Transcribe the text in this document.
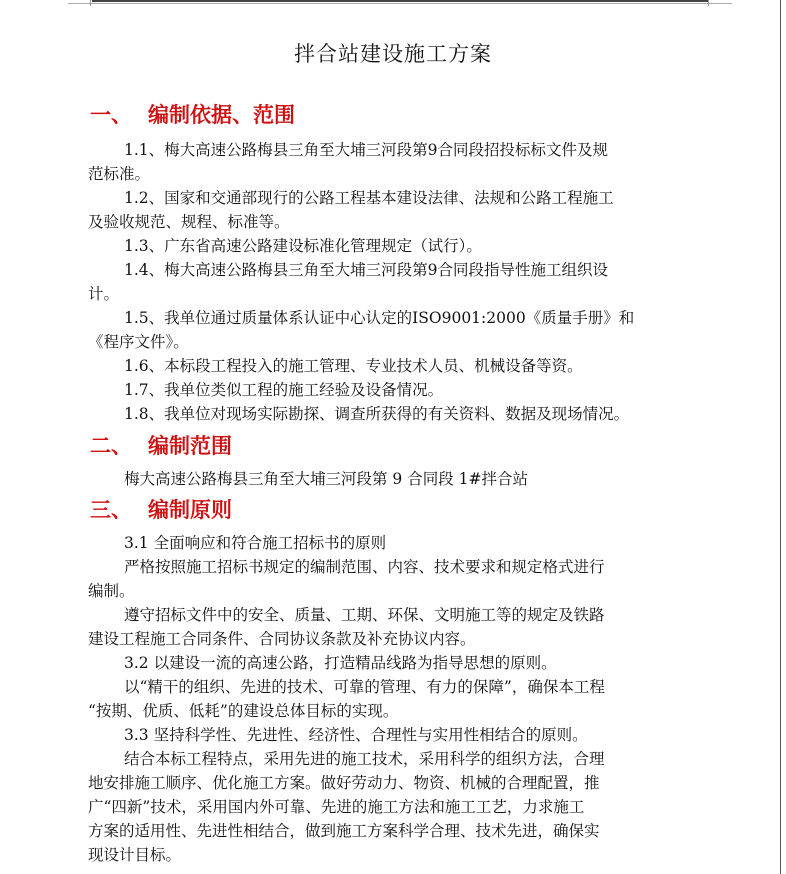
拌合站建设施工方案
一、 编制依据、范围
1.1、梅大高速公路梅县三角至大埔三河段第9合同段招投标标文件及规
范标准。
1.2、国家和交通部现行的公路工程基本建设法律、法规和公路工程施工
及验收规范、规程、标准等。
1.3、广东省高速公路建设标准化管理规定（试行）。
1.4、梅大高速公路梅县三角至大埔三河段第9合同段指导性施工组织设
计。
1.5、我单位通过质量体系认证中心认定的ISO9001:2000《质量手册》和
《程序文件》。
1.6、本标段工程投入的施工管理、专业技术人员、机械设备等资。
1.7、我单位类似工程的施工经验及设备情况。
1.8、我单位对现场实际勘探、调查所获得的有关资料、数据及现场情况。
二、 编制范围
梅大高速公路梅县三角至大埔三河段第 9 合同段 1#拌合站
三、 编制原则
3.1 全面响应和符合施工招标书的原则
严格按照施工招标书规定的编制范围、内容、技术要求和规定格式进行
编制。
遵守招标文件中的安全、质量、工期、环保、文明施工等的规定及铁路
建设工程施工合同条件、合同协议条款及补充协议内容。
3.2 以建设一流的高速公路，打造精品线路为指导思想的原则。
以“精干的组织、先进的技术、可靠的管理、有力的保障”，确保本工程
“按期、优质、低耗”的建设总体目标的实现。
3.3 坚持科学性、先进性、经济性、合理性与实用性相结合的原则。
结合本标工程特点，采用先进的施工技术，采用科学的组织方法，合理
地安排施工顺序、优化施工方案。做好劳动力、物资、机械的合理配置，推
广“四新”技术，采用国内外可靠、先进的施工方法和施工工艺，力求施工
方案的适用性、先进性相结合，做到施工方案科学合理、技术先进，确保实
现设计目标。
